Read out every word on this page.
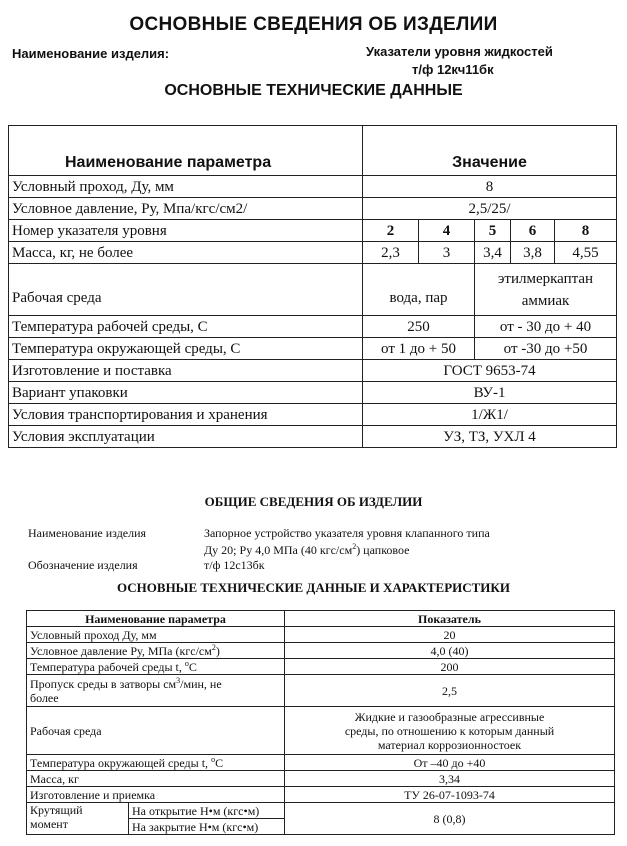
ОСНОВНЫЕ СВЕДЕНИЯ ОБ ИЗДЕЛИИ
Наименование изделия:	Указатели уровня жидкостей
т/ф 12кч11бк
ОСНОВНЫЕ ТЕХНИЧЕСКИЕ ДАННЫЕ
Наименование параметра	Значение				
Условный проход, Ду, мм	8				
Условное давление, Ру, Мпа/кгс/см2/	2,5/25/				
Номер указателя уровня	2	4	5	6	8
Масса, кг, не более	2,3	3	3,4	3,8	4,55
Рабочая среда	вода, пар		этилмеркаптан
аммиак		

Температура рабочей среды, С	250		от - 30 до + 40		
Температура окружающей среды, С	от 1 до + 50		от -30 до +50		
Изготовление и поставка	ГОСТ 9653-74				
Вариант упаковки	ВУ-1				
Условия транспортирования и хранения	1/Ж1/				
Условия эксплуатации	УЗ, ТЗ, УХЛ 4				
ОБЩИЕ СВЕДЕНИЯ ОБ ИЗДЕЛИИ
Наименование изделия	Запорное устройство указателя уровня клапанного типа
Ду 20; Ру 4,0 МПа (40 кгс/$см^2$) цапковое
Обозначение изделия	т/ф 12с13бк
ОСНОВНЫЕ ТЕХНИЧЕСКИЕ ДАННЫЕ И ХАРАКТЕРИСТИКИ
Наименование параметра		Показатель
Условный проход Ду, мм		20
Условное давление Ру, МПа $(кгс/см^2)$		4,0 (40)
Температура рабочей среды t, $^o$C		200
Пропуск среды в затворы $см^3$/мин, не
более		2,5
Рабочая среда		Жидкие и газообразные агрессивные
среды, по отношению к которым данный
материал коррозионностоек

Температура окружающей среды t, $^o$C		От –40 до +40
Масса, кг		3,34
Изготовление и приемка		ТУ 26-07-1093-74

Крутящий
момент	На открытие Н•м (кгс•м)	8 (0,8)
	На закрытие Н•м (кгс•м)	
